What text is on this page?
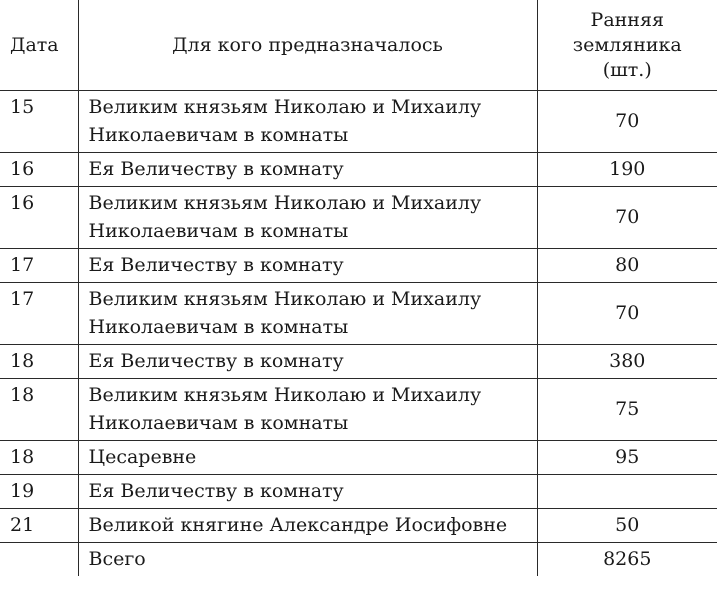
Дата	Для кого предназначалось	Ранняя
земляника
(шт.)

15	Великим князьям Николаю и Михаилу
Николаевичам в комнаты	70
16	Ея Величеству в комнату	190
16	Великим князьям Николаю и Михаилу
Николаевичам в комнаты	70
17	Ея Величеству в комнату	80
17	Великим князьям Николаю и Михаилу
Николаевичам в комнаты	70
18	Ея Величеству в комнату	380
18	Великим князьям Николаю и Михаилу
Николаевичам в комнаты	75
18	Цесаревне	95
19	Ея Величеству в комнату	

21	Великой княгине Александре Иосифовне	50
	Всего	8265
